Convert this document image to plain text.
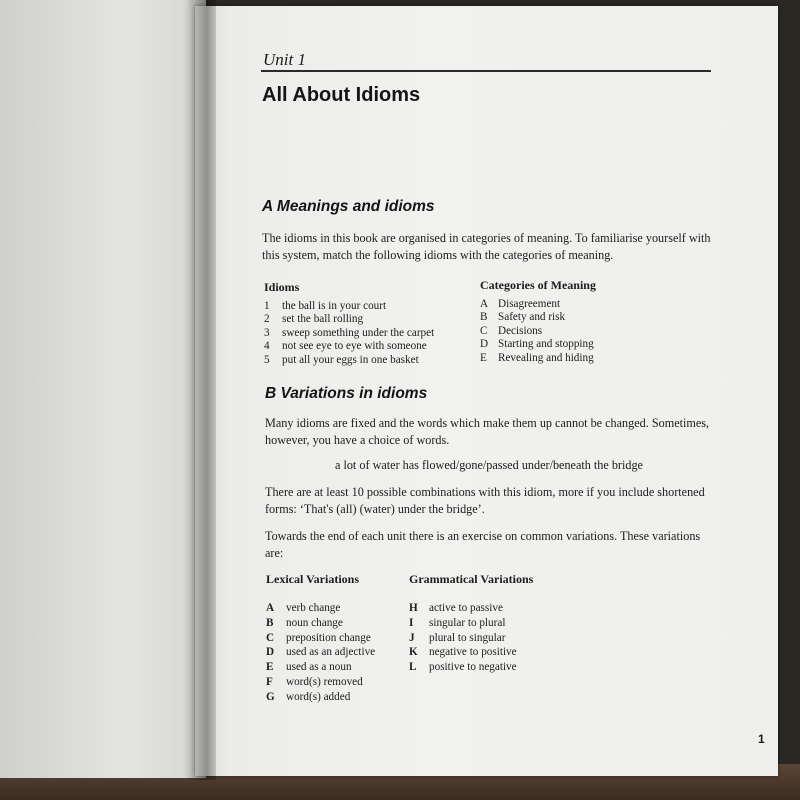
Unit 1
All About Idioms
A Meanings and idioms
The idioms in this book are organised in categories of meaning. To familiarise yourself with this system, match the following idioms with the categories of meaning.
Idioms
1 the ball is in your court
2 set the ball rolling
3 sweep something under the carpet
4 not see eye to eye with someone
5 put all your eggs in one basket
Categories of Meaning
A Disagreement
B Safety and risk
C Decisions
D Starting and stopping
E Revealing and hiding
B Variations in idioms
Many idioms are fixed and the words which make them up cannot be changed. Sometimes, however, you have a choice of words.
a lot of water has flowed/gone/passed under/beneath the bridge
There are at least 10 possible combinations with this idiom, more if you include shortened forms: ‘That's (all) (water) under the bridge’.
Towards the end of each unit there is an exercise on common variations. These variations are:
Lexical Variations
A verb change
B noun change
C preposition change
D used as an adjective
E used as a noun
F word(s) removed
G word(s) added
Grammatical Variations
H active to passive
I singular to plural
J plural to singular
K negative to positive
L positive to negative
1
